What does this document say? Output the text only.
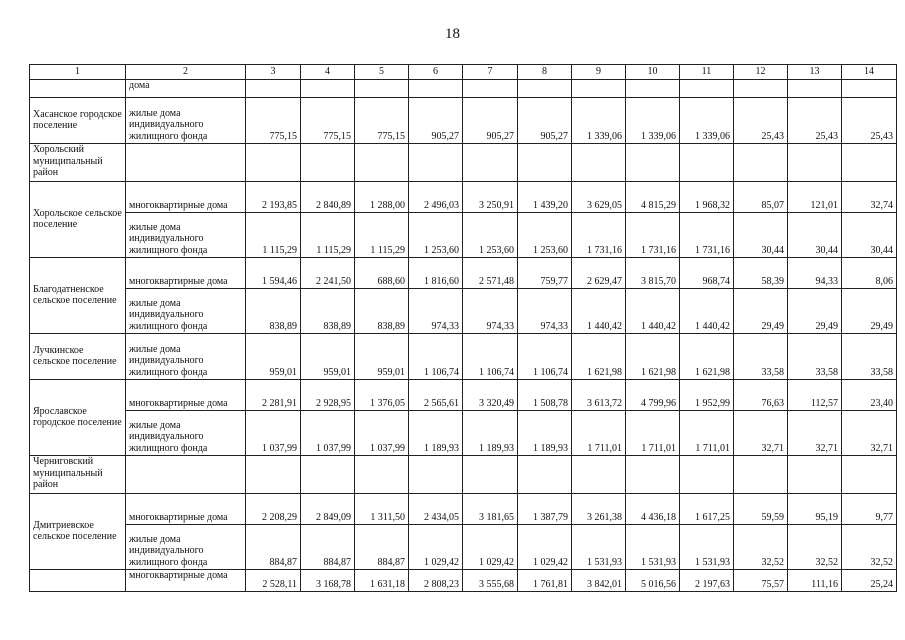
18
1	2	3	4	5	6	7	8	9	10	11	12	13	14
	дома												
Хасанское городское поселение	жилые дома индивидуального жилищного фонда	775,15	775,15	775,15	905,27	905,27	905,27	1 339,06	1 339,06	1 339,06	25,43	25,43	25,43
Хорольский муниципальный район													
Хорольское сельское поселение	многоквартирные дома	2 193,85	2 840,89	1 288,00	2 496,03	3 250,91	1 439,20	3 629,05	4 815,29	1 968,32	85,07	121,01	32,74
	жилые дома индивидуального жилищного фонда	1 115,29	1 115,29	1 115,29	1 253,60	1 253,60	1 253,60	1 731,16	1 731,16	1 731,16	30,44	30,44	30,44
Благодатненское сельское поселение	многоквартирные дома	1 594,46	2 241,50	688,60	1 816,60	2 571,48	759,77	2 629,47	3 815,70	968,74	58,39	94,33	8,06
	жилые дома индивидуального жилищного фонда	838,89	838,89	838,89	974,33	974,33	974,33	1 440,42	1 440,42	1 440,42	29,49	29,49	29,49
Лучкинское сельское поселение	жилые дома индивидуального жилищного фонда	959,01	959,01	959,01	1 106,74	1 106,74	1 106,74	1 621,98	1 621,98	1 621,98	33,58	33,58	33,58
Ярославское городское поселение	многоквартирные дома	2 281,91	2 928,95	1 376,05	2 565,61	3 320,49	1 508,78	3 613,72	4 799,96	1 952,99	76,63	112,57	23,40
	жилые дома индивидуального жилищного фонда	1 037,99	1 037,99	1 037,99	1 189,93	1 189,93	1 189,93	1 711,01	1 711,01	1 711,01	32,71	32,71	32,71
Черниговский муниципальный район													
Дмитриевское сельское поселение	многоквартирные дома	2 208,29	2 849,09	1 311,50	2 434,05	3 181,65	1 387,79	3 261,38	4 436,18	1 617,25	59,59	95,19	9,77
	жилые дома индивидуального жилищного фонда	884,87	884,87	884,87	1 029,42	1 029,42	1 029,42	1 531,93	1 531,93	1 531,93	32,52	32,52	32,52
	многоквартирные дома	2 528,11	3 168,78	1 631,18	2 808,23	3 555,68	1 761,81	3 842,01	5 016,56	2 197,63	75,57	111,16	25,24
